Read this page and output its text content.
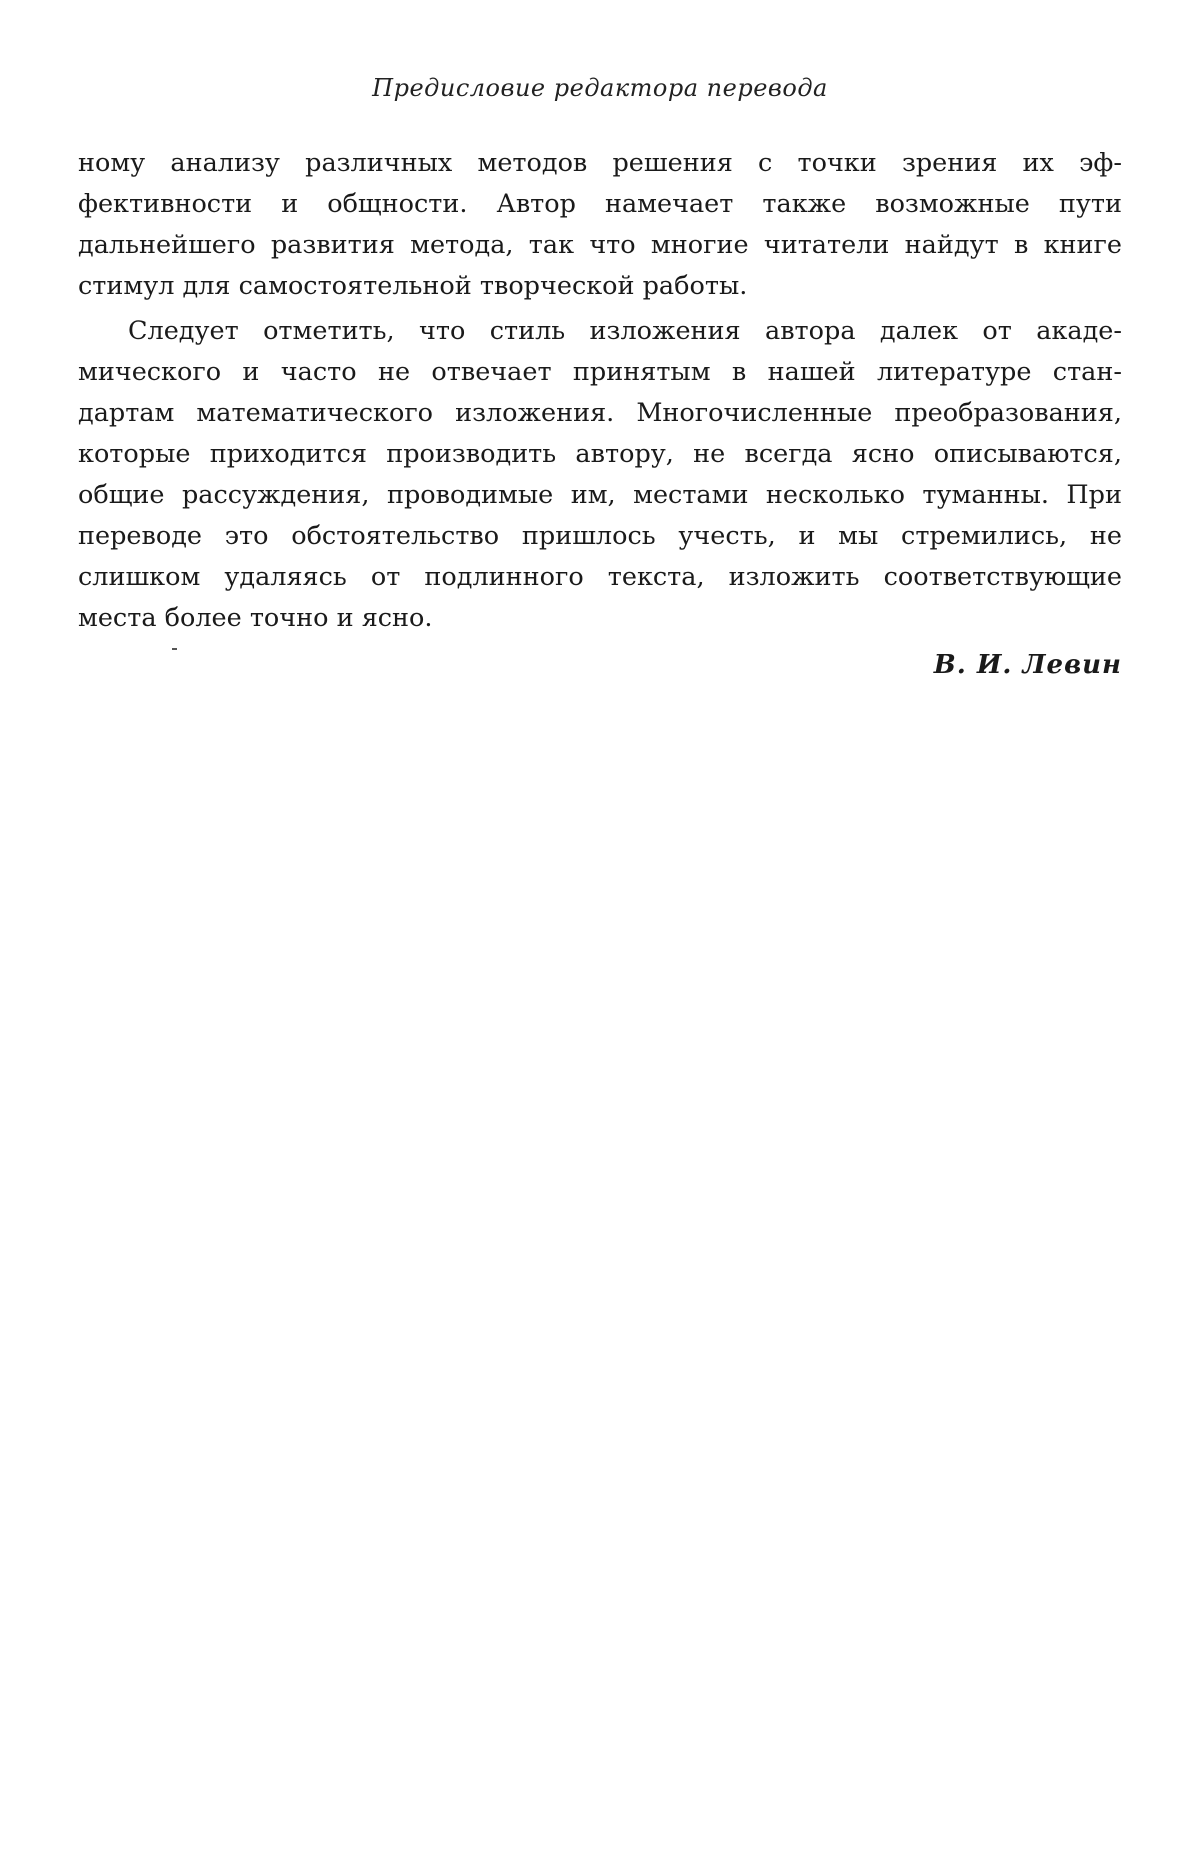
Предисловие редактора перевода
ному анализу различных методов решения с точки зрения их эф-
фективности и общности. Автор намечает также возможные пути
дальнейшего развития метода, так что многие читатели найдут в книге
стимул для самостоятельной творческой работы.
Следует отметить, что стиль изложения автора далек от акаде-
мического и часто не отвечает принятым в нашей литературе стан-
дартам математического изложения. Многочисленные преобразования,
которые приходится производить автору, не всегда ясно описываются,
общие рассуждения, проводимые им, местами несколько туманны. При
переводе это обстоятельство пришлось учесть, и мы стремились, не
слишком удаляясь от подлинного текста, изложить соответствующие
места более точно и ясно.
В. И. Левин
